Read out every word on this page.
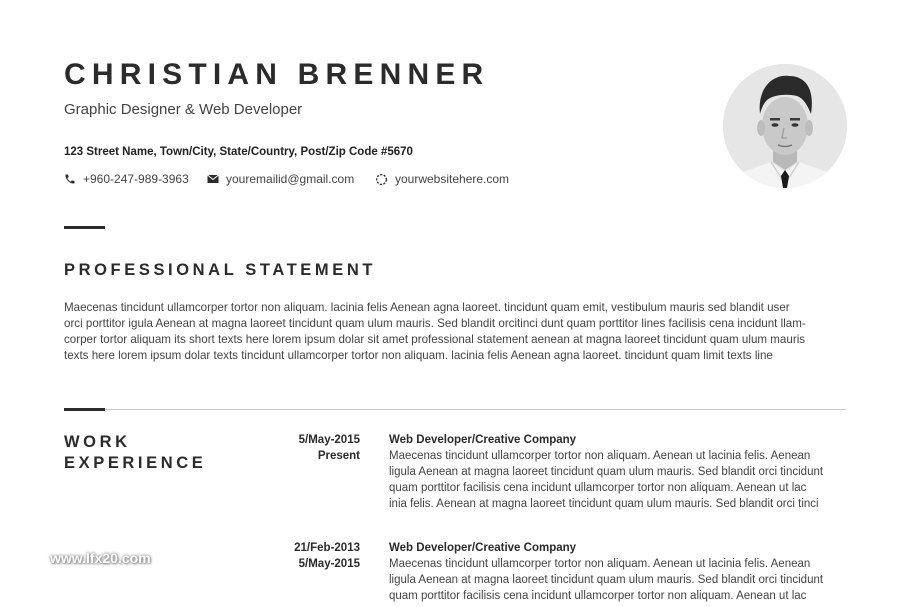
CHRISTIAN BRENNER
Graphic Designer & Web Developer
123 Street Name, Town/City, State/Country, Post/Zip Code #5670
+960-247-989-3963	youremailid@gmail.com	yourwebsitehere.com
PROFESSIONAL STATEMENT
Maecenas tincidunt ullamcorper tortor non aliquam. lacinia felis Aenean agna laoreet. tincidunt quam emit, vestibulum mauris sed blandit user
orci porttitor igula Aenean at magna laoreet tincidunt quam ulum mauris. Sed blandit orcitinci dunt quam porttitor lines facilisis cena incidunt llam-
corper tortor aliquam its short texts here lorem ipsum dolar sit amet professional statement aenean at magna laoreet tincidunt quam ulum mauris
texts here lorem ipsum dolar texts tincidunt ullamcorper tortor non aliquam. lacinia felis Aenean agna laoreet. tincidunt quam limit texts line
WORK
EXPERIENCE
5/May-2015
Present
Web Developer/Creative Company
Maecenas tincidunt ullamcorper tortor non aliquam. Aenean ut lacinia felis. Aenean
ligula Aenean at magna laoreet tincidunt quam ulum mauris. Sed blandit orci tincidunt
quam porttitor facilisis cena incidunt ullamcorper tortor non aliquam. Aenean ut lac
inia felis. Aenean at magna laoreet tincidunt quam ulum mauris. Sed blandit orci tinci
21/Feb-2013
5/May-2015
Web Developer/Creative Company
Maecenas tincidunt ullamcorper tortor non aliquam. Aenean ut lacinia felis. Aenean
ligula Aenean at magna laoreet tincidunt quam ulum mauris. Sed blandit orci tincidunt
quam porttitor facilisis cena incidunt ullamcorper tortor non aliquam. Aenean ut lac
www.lfx20.com
